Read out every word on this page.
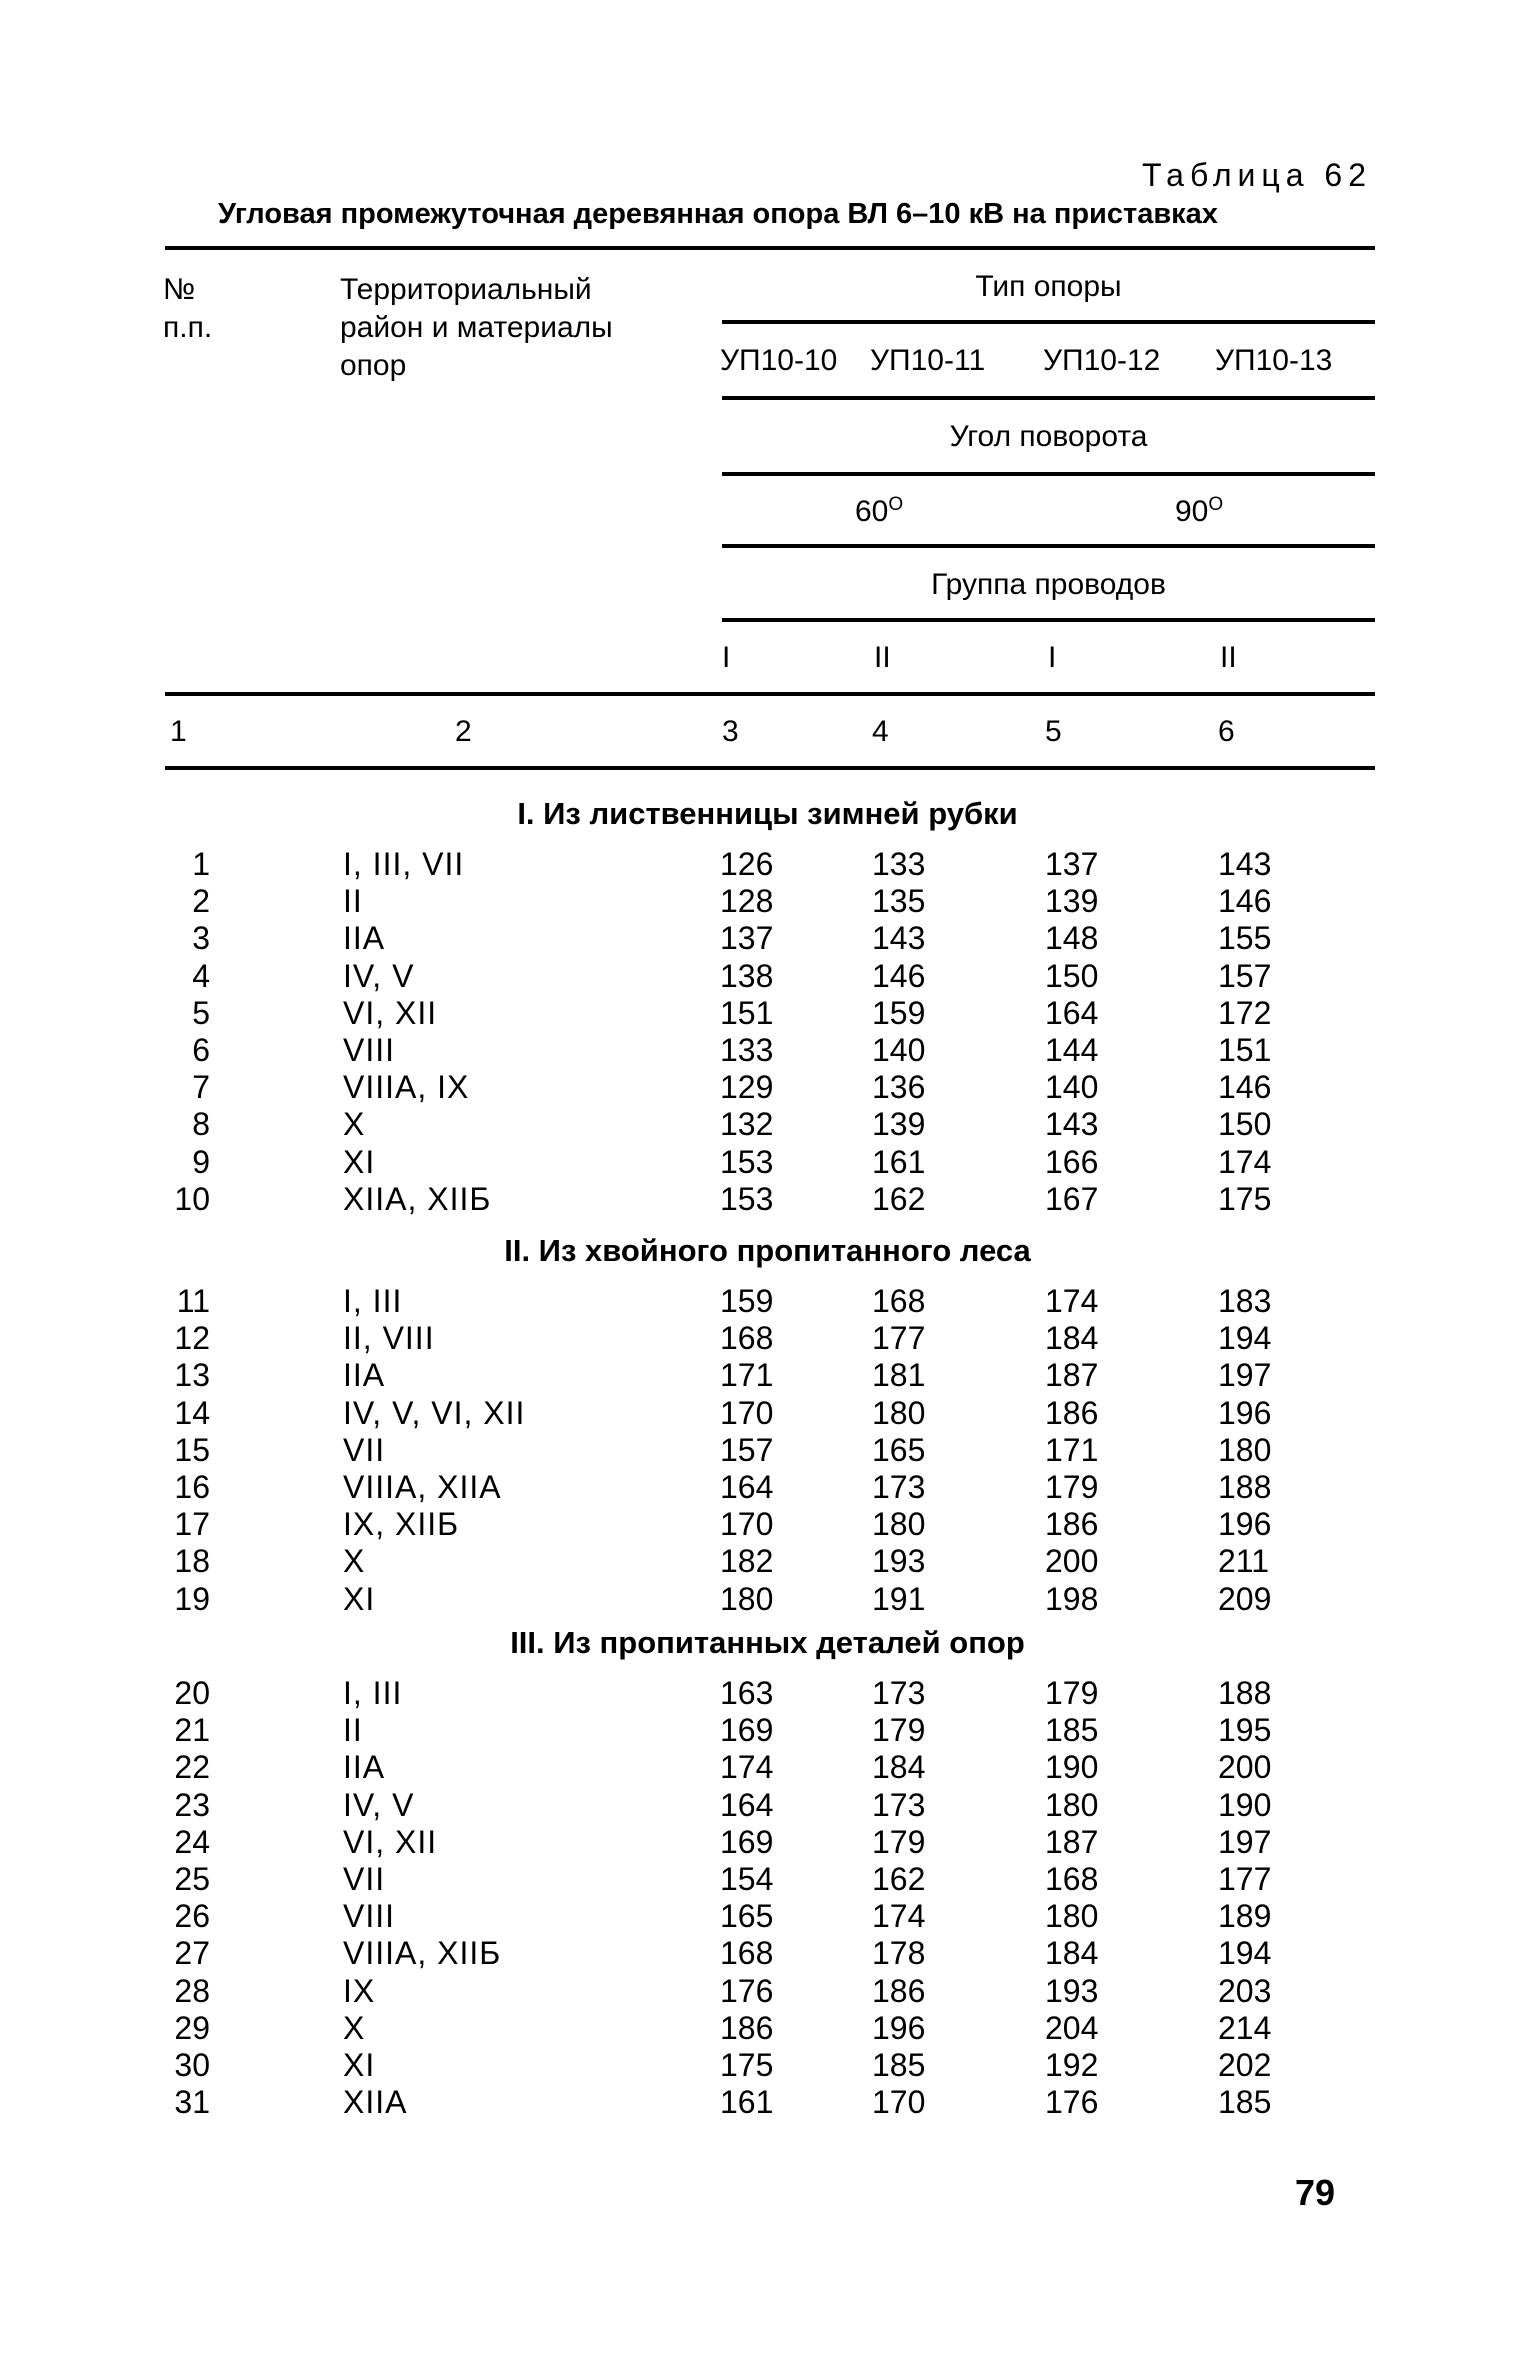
Таблица 62
Угловая промежуточная деревянная опора ВЛ 6–10 кВ на приставках
№
п.п.
Территориальный
район и материалы
опор
Тип опоры
УП10-10 УП10-11 УП10-12 УП10-13
Угол поворота
$60^O$	$90^O$
Группа проводов
I	II	I	II
1	2	3	4	5	6
I. Из лиственницы зимней рубки
1	I, III, VII	126	133	137	143
2	II	128	135	139	146
3	IIA	137	143	148	155
4	IV, V	138	146	150	157
5	VI, XII	151	159	164	172
6	VIII	133	140	144	151
7	VIIIA, IX	129	136	140	146
8	X	132	139	143	150
9	XI	153	161	166	174
10	XIIA, XIIБ	153	162	167	175
II. Из хвойного пропитанного леса
11	I, III	159	168	174	183
12	II, VIII	168	177	184	194
13	IIA	171	181	187	197
14	IV, V, VI, XII	170	180	186	196
15	VII	157	165	171	180
16	VIIIA, XIIA	164	173	179	188
17	IX, XIIБ	170	180	186	196
18	X	182	193	200	211
19	XI	180	191	198	209
III. Из пропитанных деталей опор
20	I, III	163	173	179	188
21	II	169	179	185	195
22	IIA	174	184	190	200
23	IV, V	164	173	180	190
24	VI, XII	169	179	187	197
25	VII	154	162	168	177
26	VIII	165	174	180	189
27	VIIIA, XIIБ	168	178	184	194
28	IX	176	186	193	203
29	X	186	196	204	214
30	XI	175	185	192	202
31	XIIA	161	170	176	185
79
